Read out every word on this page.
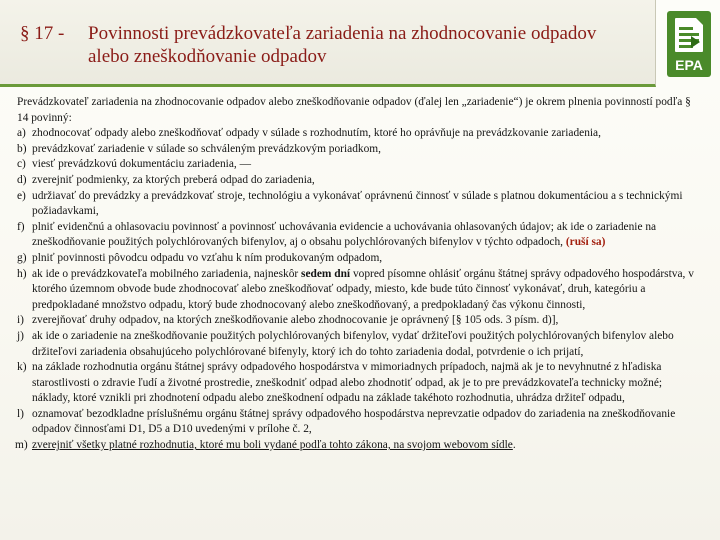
§ 17 - Povinnosti prevádzkovateľa zariadenia na zhodnocovanie odpadov alebo zneškodňovanie odpadov	EPA

Prevádzkovateľ zariadenia na zhodnocovanie odpadov alebo zneškodňovanie odpadov (ďalej len „zariadenie“) je okrem plnenia povinností podľa § 14 povinný:

a) zhodnocovať odpady alebo zneškodňovať odpady v súlade s rozhodnutím, ktoré ho oprávňuje na prevádzkovanie zariadenia,
b) prevádzkovať zariadenie v súlade so schváleným prevádzkovým poriadkom,
c) viesť prevádzkovú dokumentáciu zariadenia, —
d) zverejniť podmienky, za ktorých preberá odpad do zariadenia,
e) udržiavať do prevádzky a prevádzkovať stroje, technológiu a vykonávať oprávnenú činnosť v súlade s platnou dokumentáciou a s technickými požiadavkami,
f) plniť evidenčnú a ohlasovaciu povinnosť a povinnosť uchovávania evidencie a uchovávania ohlasovaných údajov; ak ide o zariadenie na zneškodňovanie použitých polychlórovaných bifenylov, aj o obsahu polychlórovaných bifenylov v týchto odpadoch, (ruší sa)
g) plniť povinnosti pôvodcu odpadu vo vzťahu k ním produkovaným odpadom,
h) ak ide o prevádzkovateľa mobilného zariadenia, najneskôr sedem dní vopred písomne ohlásiť orgánu štátnej správy odpadového hospodárstva, v ktorého územnom obvode bude zhodnocovať alebo zneškodňovať odpady, miesto, kde bude túto činnosť vykonávať, druh, kategóriu a predpokladané množstvo odpadu, ktorý bude zhodnocovaný alebo zneškodňovaný, a predpokladaný čas výkonu činnosti,
i) zverejňovať druhy odpadov, na ktorých zneškodňovanie alebo zhodnocovanie je oprávnený [§ 105 ods. 3 písm. d)],
j) ak ide o zariadenie na zneškodňovanie použitých polychlórovaných bifenylov, vydať držiteľovi použitých polychlórovaných bifenylov alebo držiteľovi zariadenia obsahujúceho polychlórované bifenyly, ktorý ich do tohto zariadenia dodal, potvrdenie o ich prijatí,
k) na základe rozhodnutia orgánu štátnej správy odpadového hospodárstva v mimoriadnych prípadoch, najmä ak je to nevyhnutné z hľadiska starostlivosti o zdravie ľudí a životné prostredie, zneškodniť odpad alebo zhodnotiť odpad, ak je to pre prevádzkovateľa technicky možné; náklady, ktoré vznikli pri zhodnotení odpadu alebo zneškodnení odpadu na základe takéhoto rozhodnutia, uhrádza držiteľ odpadu,
l) oznamovať bezodkladne príslušnému orgánu štátnej správy odpadového hospodárstva neprevzatie odpadov do zariadenia na zneškodňovanie odpadov činnosťami D1, D5 a D10 uvedenými v prílohe č. 2,
m) zverejniť všetky platné rozhodnutia, ktoré mu boli vydané podľa tohto zákona, na svojom webovom sídle.
